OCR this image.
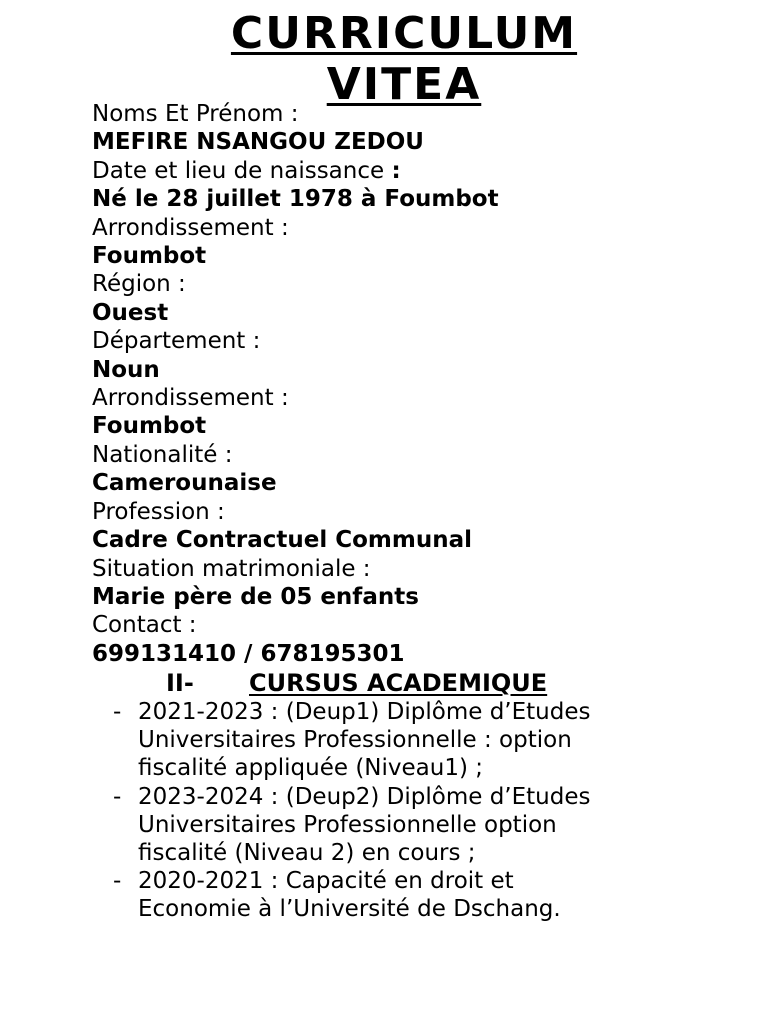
CURRICULUM
VITEA

Noms Et Prénom :

MEFIRE NSANGOU ZEDOU

Date et lieu de naissance :

Né le 28 juillet 1978 à Foumbot

Arrondissement :

Foumbot

Région :

Ouest

Département :

Noun

Arrondissement :

Foumbot

Nationalité :

Camerounaise

Profession :

Cadre Contractuel Communal

Situation matrimoniale :

Marie père de 05 enfants

Contact :

699131410 / 678195301

II- CURSUS ACADEMIQUE
- 2021-2023 : (Deup1) Diplôme d’Etudes
Universitaires Professionnelle : option
fiscalité appliquée (Niveau1) ;
- 2023-2024 : (Deup2) Diplôme d’Etudes
Universitaires Professionnelle option
fiscalité (Niveau 2) en cours ;
- 2020-2021 : Capacité en droit et
Economie à l’Université de Dschang.
